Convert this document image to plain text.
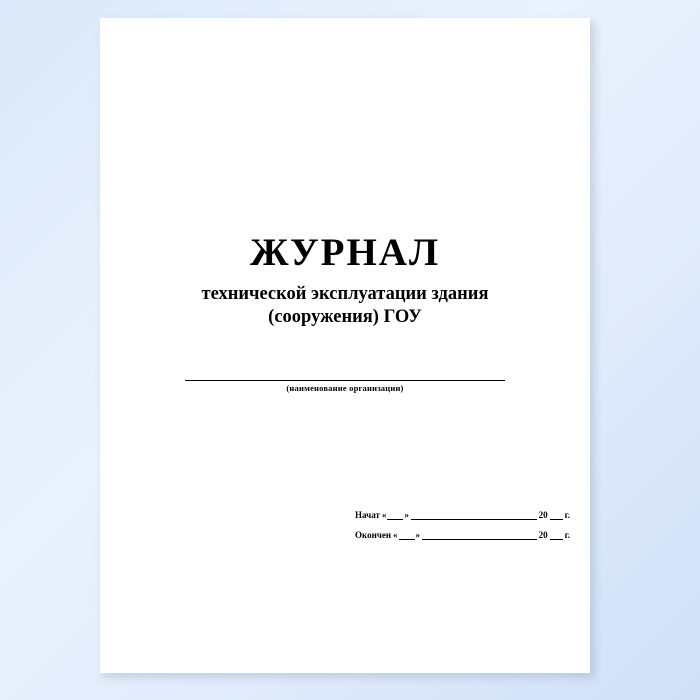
ЖУРНАЛ
технической эксплуатации здания
(сооружения) ГОУ
(наименование организации)
Начат « »	20 г.
Окончен « »	20 г.
